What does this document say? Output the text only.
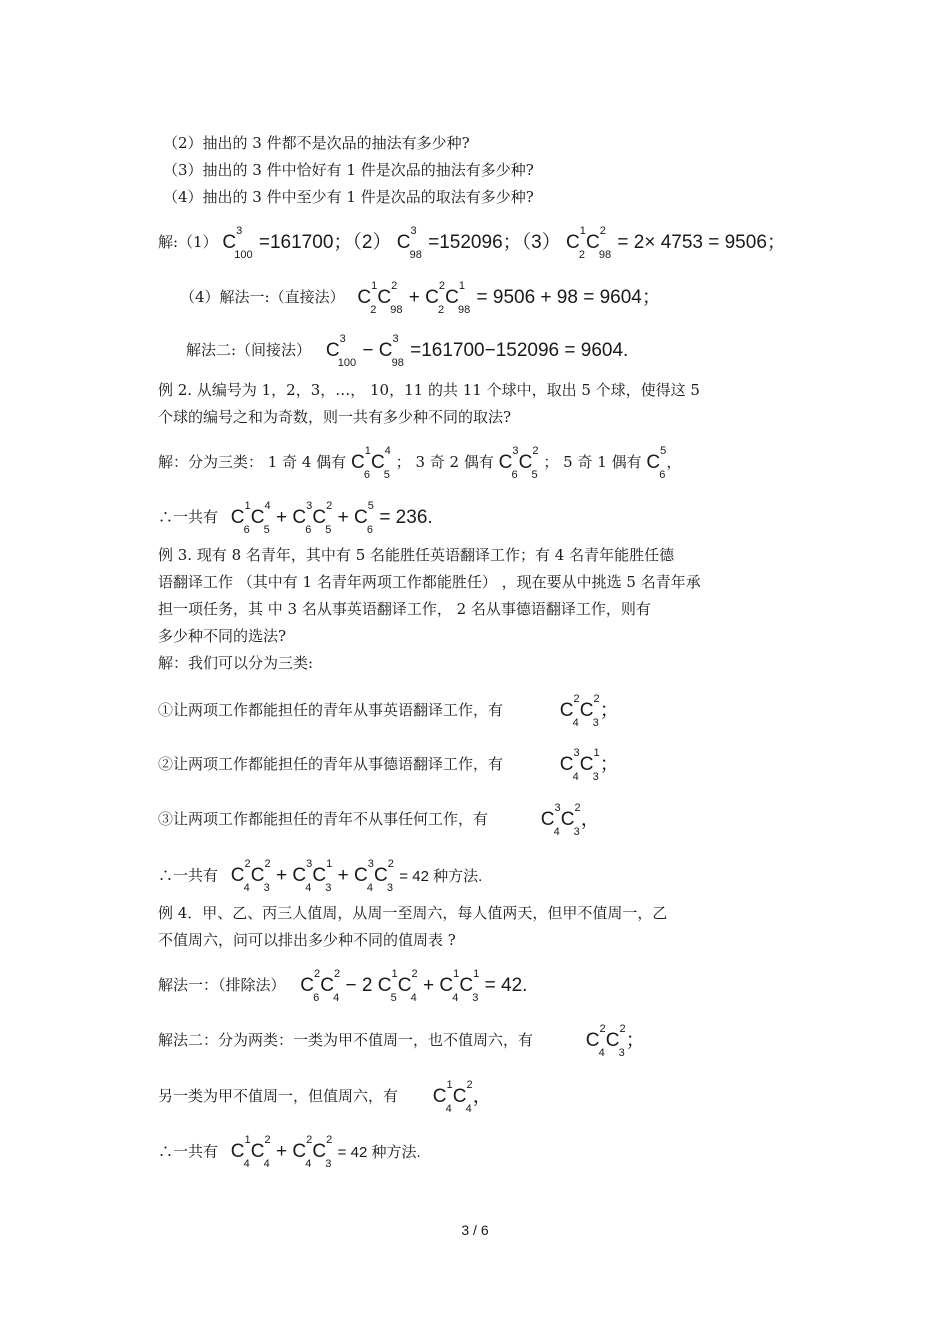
（2）抽出的 3 件都不是次品的抽法有多少种?
（3）抽出的 3 件中恰好有 1 件是次品的抽法有多少种?
（4）抽出的 3 件中至少有 1 件是次品的取法有多少种?
解:（1） $C^3_{100} =161700$；（2） $C^3_{98} =152096$；（3） $C^1_2C^2_{98} = 2\times 4753 = 9506$；
（4）解法一:（直接法） $C^1_2C^2_{98} + C^2_2C^1_{98} = 9506 + 98 = 9604$；
解法二:（间接法） $C^3_{100} - C^3_{98} =161700-152096 = 9604$.
例 2. 从编号为 1，2，3，…， 10，11 的共 11 个球中，取出 5 个球，使得这 5
个球的编号之和为奇数，则一共有多少种不同的取法?
解：分为三类： 1 奇 4 偶有 $C^1_6C^4_5$ ； 3 奇 2 偶有 $C^3_6C^2_5$ ； 5 奇 1 偶有 $C^5_6$，
∴一共有 $C^1_6C^4_5 + C^3_6C^2_5 + C^5_6 = 236$.
例 3. 现有 8 名青年，其中有 5 名能胜任英语翻译工作；有 4 名青年能胜任德
语翻译工作 （其中有 1 名青年两项工作都能胜任） ，现在要从中挑选 5 名青年承
担一项任务，其 中 3 名从事英语翻译工作， 2 名从事德语翻译工作，则有
多少种不同的选法?
解：我们可以分为三类:
①让两项工作都能担任的青年从事英语翻译工作，有	$C^2_4C^2_3$；
②让两项工作都能担任的青年从事德语翻译工作，有	$C^3_4C^1_3$；
③让两项工作都能担任的青年不从事任何工作，有	$C^3_4C^2_3$，
∴一共有 $C^2_4C^2_3 + C^3_4C^1_3 + C^3_4C^2_3 = 42$ 种方法.
例 4．甲、乙、丙三人值周，从周一至周六，每人值两天，但甲不值周一，乙
不值周六，问可以排出多少种不同的值周表 ?
解法一：（排除法） $C^2_6C^2_4 - 2$ $C^1_5C^2_4 + C^1_4C^1_3 = 42$.
解法二：分为两类：一类为甲不值周一，也不值周六，有	$C^2_4C^2_3$；
另一类为甲不值周一，但值周六，有 $C^1_4C^2_4$，
∴一共有 $C^1_4C^2_4 + C^2_4C^2_3 = 42$ 种方法.
3 / 6
